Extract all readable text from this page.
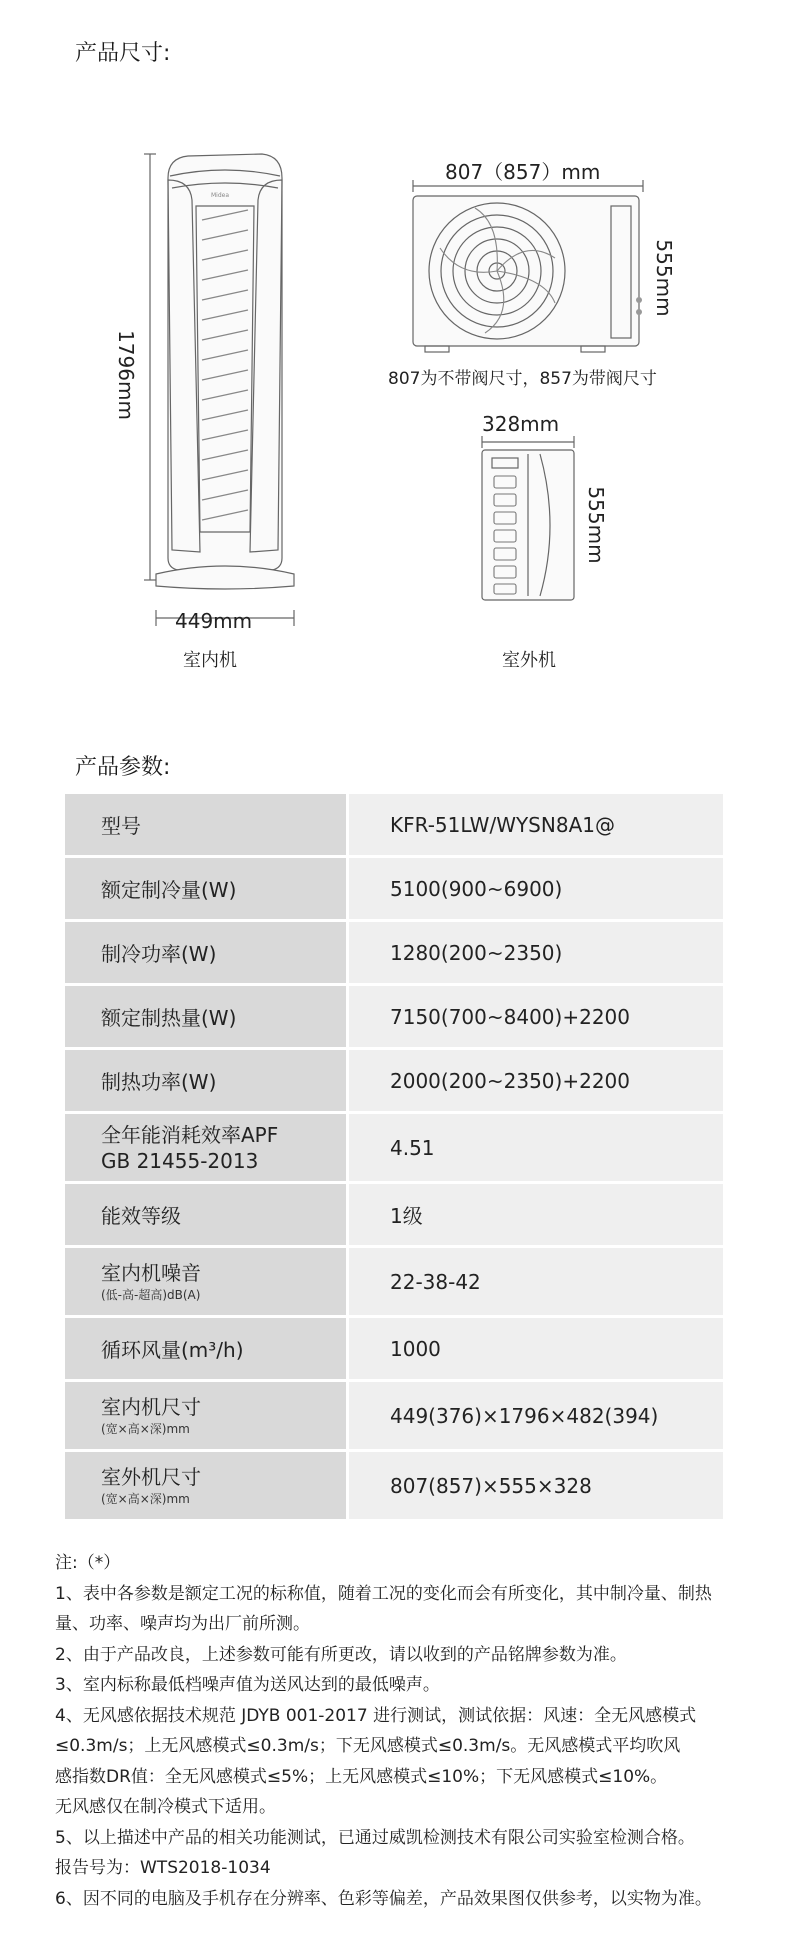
产品尺寸:
Midea
1796mm
449mm
室内机
807（857）mm
555mm
807为不带阀尺寸，857为带阀尺寸
328mm
555mm
室外机
产品参数:
型号	KFR-51LW/WYSN8A1@
额定制冷量(W)	5100(900~6900)
制冷功率(W)	1280(200~2350)
额定制热量(W)	7150(700~8400)+2200
制热功率(W)	2000(200~2350)+2200

全年能消耗效率APF
GB 21455-2013	4.51
能效等级	1级

室内机噪音
(低-高-超高)dB(A)	22-38-42
循环风量(m³/h)	1000

室内机尺寸
(宽×高×深)mm	449(376)×1796×482(394)

室外机尺寸
(宽×高×深)mm	807(857)×555×328

注:（*）

1、表中各参数是额定工况的标称值，随着工况的变化而会有所变化，其中制冷量、制热

量、功率、噪声均为出厂前所测。

2、由于产品改良，上述参数可能有所更改，请以收到的产品铭牌参数为准。

3、室内标称最低档噪声值为送风达到的最低噪声。

4、无风感依据技术规范 JDYB 001-2017 进行测试，测试依据：风速：全无风感模式

≤0.3m/s；上无风感模式≤0.3m/s；下无风感模式≤0.3m/s。无风感模式平均吹风

感指数DR值：全无风感模式≤5%；上无风感模式≤10%；下无风感模式≤10%。

无风感仅在制冷模式下适用。

5、以上描述中产品的相关功能测试，已通过威凯检测技术有限公司实验室检测合格。

报告号为：WTS2018-1034

6、因不同的电脑及手机存在分辨率、色彩等偏差，产品效果图仅供参考，以实物为准。
